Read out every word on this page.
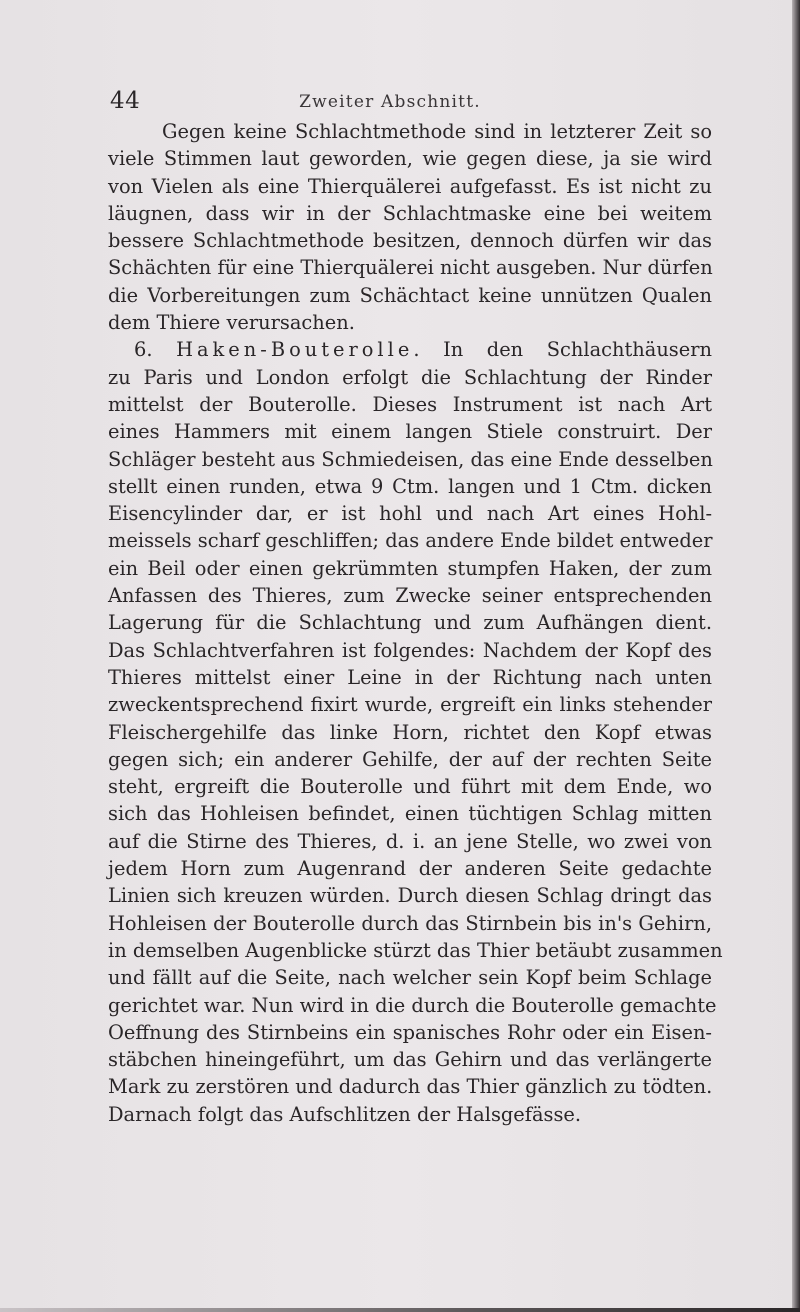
44	Zweiter Abschnitt.
Gegen keine Schlachtmethode sind in letzterer Zeit so
viele Stimmen laut geworden, wie gegen diese, ja sie wird
von Vielen als eine Thierquälerei aufgefasst. Es ist nicht zu
läugnen, dass wir in der Schlachtmaske eine bei weitem
bessere Schlachtmethode besitzen, dennoch dürfen wir das
Schächten für eine Thierquälerei nicht ausgeben. Nur dürfen
die Vorbereitungen zum Schächtact keine unnützen Qualen
dem Thiere verursachen.
6. Haken-Bouterolle. In den Schlachthäusern
zu Paris und London erfolgt die Schlachtung der Rinder
mittelst der Bouterolle. Dieses Instrument ist nach Art
eines Hammers mit einem langen Stiele construirt. Der
Schläger besteht aus Schmiedeisen, das eine Ende desselben
stellt einen runden, etwa 9 Ctm. langen und 1 Ctm. dicken
Eisencylinder dar, er ist hohl und nach Art eines Hohl-
meissels scharf geschliffen; das andere Ende bildet entweder
ein Beil oder einen gekrümmten stumpfen Haken, der zum
Anfassen des Thieres, zum Zwecke seiner entsprechenden
Lagerung für die Schlachtung und zum Aufhängen dient.
Das Schlachtverfahren ist folgendes: Nachdem der Kopf des
Thieres mittelst einer Leine in der Richtung nach unten
zweckentsprechend fixirt wurde, ergreift ein links stehender
Fleischergehilfe das linke Horn, richtet den Kopf etwas
gegen sich; ein anderer Gehilfe, der auf der rechten Seite
steht, ergreift die Bouterolle und führt mit dem Ende, wo
sich das Hohleisen befindet, einen tüchtigen Schlag mitten
auf die Stirne des Thieres, d. i. an jene Stelle, wo zwei von
jedem Horn zum Augenrand der anderen Seite gedachte
Linien sich kreuzen würden. Durch diesen Schlag dringt das
Hohleisen der Bouterolle durch das Stirnbein bis in's Gehirn,
in demselben Augenblicke stürzt das Thier betäubt zusammen
und fällt auf die Seite, nach welcher sein Kopf beim Schlage
gerichtet war. Nun wird in die durch die Bouterolle gemachte
Oeffnung des Stirnbeins ein spanisches Rohr oder ein Eisen-
stäbchen hineingeführt, um das Gehirn und das verlängerte
Mark zu zerstören und dadurch das Thier gänzlich zu tödten.
Darnach folgt das Aufschlitzen der Halsgefässe.
